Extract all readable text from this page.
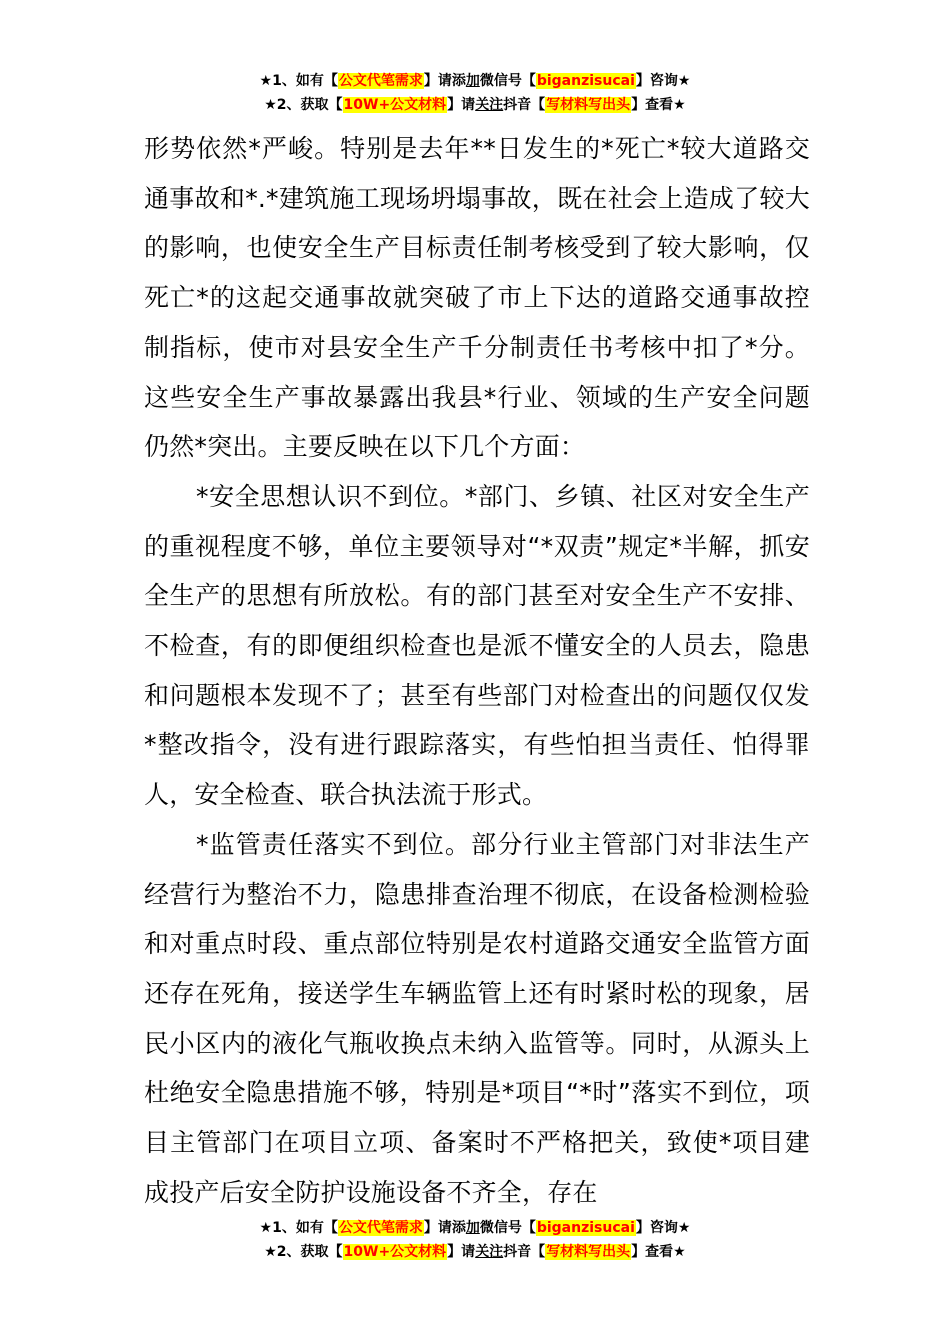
★1、如有【公文代笔需求】请添加微信号【biganzisucai】咨询★
★2、获取【10W+公文材料】请关注抖音【写材料写出头】查看★

形势依然*严峻。特别是去年**日发生的*死亡*较大道路交通事故和*.*建筑施工现场坍塌事故，既在社会上造成了较大的影响，也使安全生产目标责任制考核受到了较大影响，仅死亡*的这起交通事故就突破了市上下达的道路交通事故控制指标，使市对县安全生产千分制责任书考核中扣了*分。这些安全生产事故暴露出我县*行业、领域的生产安全问题仍然*突出。主要反映在以下几个方面：

*安全思想认识不到位。*部门、乡镇、社区对安全生产的重视程度不够，单位主要领导对“*双责”规定*半解，抓安全生产的思想有所放松。有的部门甚至对安全生产不安排、不检查，有的即便组织检查也是派不懂安全的人员去，隐患和问题根本发现不了；甚至有些部门对检查出的问题仅仅发*整改指令，没有进行跟踪落实，有些怕担当责任、怕得罪人，安全检查、联合执法流于形式。

*监管责任落实不到位。部分行业主管部门对非法生产经营行为整治不力，隐患排查治理不彻底，在设备检测检验和对重点时段、重点部位特别是农村道路交通安全监管方面还存在死角，接送学生车辆监管上还有时紧时松的现象，居民小区内的液化气瓶收换点未纳入监管等。同时，从源头上杜绝安全隐患措施不够，特别是*项目“*时”落实不到位，项目主管部门在项目立项、备案时不严格把关，致使*项目建成投产后安全防护设施设备不齐全，存在

★1、如有【公文代笔需求】请添加微信号【biganzisucai】咨询★
★2、获取【10W+公文材料】请关注抖音【写材料写出头】查看★
